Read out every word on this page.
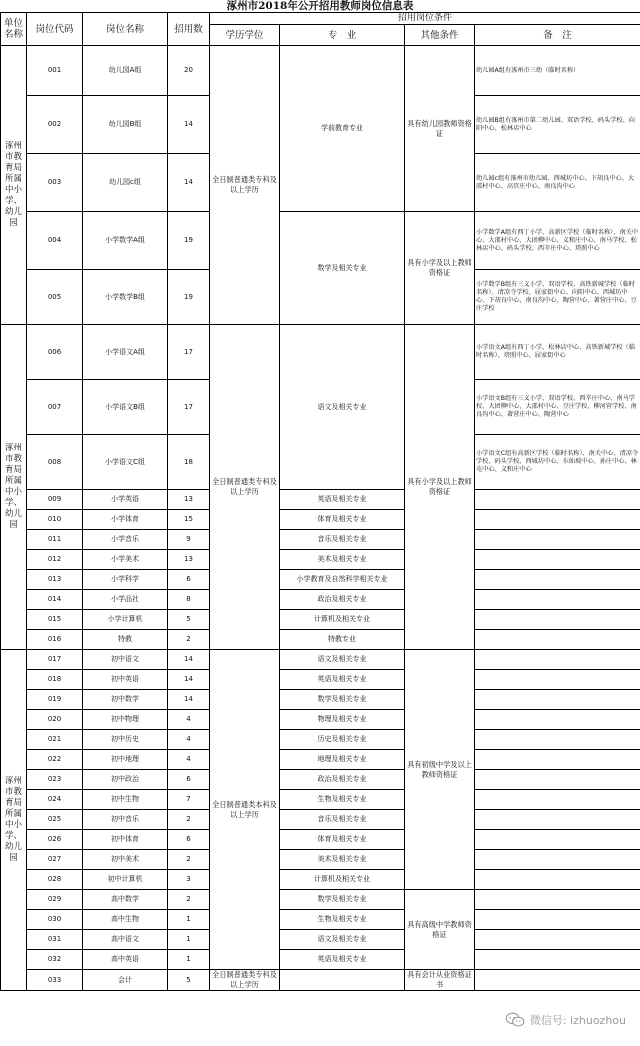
涿州市2018年公开招用教师岗位信息表
单位名称	岗位代码	岗位名称	招用数	招用岗位条件			
				学历学位	专　业	其他条件	备　注
涿州市教育局所属中小学、幼儿园	001	幼儿园A组	20	全日制普通类专科及以上学历	学前教育专业	具有幼儿园教师资格证	幼儿园A组有涿州市三幼（临时名称）
	002	幼儿园B组	14				幼儿园B组有涿州市第二幼儿园、双语学校、码头学校、向阳中心、松林店中心
	003	幼儿园c组	14				幼儿园c组有涿州市幼儿园、西城坊中心、下胡良中心、大邵村中心、高官庄中心、南良沟中心
	004	小学数学A组	19		数学及相关专业	具有小学及以上教师资格证	小学数学A组有西丁小学、高新区学校（临时名称）、南关中心、大邵村中心、大团柳中心、义和庄中心、南马学校、松林店中心、码头学校、西辛庄中心、塔照中心
	005	小学数学B组	19				小学数学B组有三义小学、双语学校、高铁新城学校（临时名称）、清凉寺学校、屈家街中心、向阳中心、西城坊中心、下胡良中心、南良沟中心、陶营中心、著营庄中心、豆庄学校
涿州市教育局所属中小学、幼儿园	006	小学语文A组	17	全日制普通类专科及以上学历	语文及相关专业	具有小学及以上教师资格证	小学语文A组有西丁小学、松林店中心、高铁新城学校（临时名称）、塔照中心、屈家街中心
	007	小学语文B组	17				小学语文B组有三义小学、双语学校、西辛庄中心、南马学校、大团柳中心、大邵村中心、豆庄学校、柳河营学校、南良沟中心、著营庄中心、陶营中心
	008	小学语文C组	18				小学语文C组有高新区学校（临时名称）、南关中心、清凉寺学校、码头学校、西城坊中心、东仙坡中心、孙庄中心、林屯中心、义和庄中心
	009	小学英语	13		英语及相关专业		
	010	小学体育	15		体育及相关专业		
	011	小学音乐	9		音乐及相关专业		
	012	小学美术	13		美术及相关专业		
	013	小学科学	6		小学教育及自然科学相关专业		
	014	小学品社	8		政治及相关专业		
	015	小学计算机	5		计算机及相关专业		
	016	特教	2		特教专业		
涿州市教育局所属中小学、幼儿园	017	初中语文	14	全日制普通类本科及以上学历	语文及相关专业	具有初级中学及以上教师资格证	
	018	初中英语	14		英语及相关专业		
	019	初中数学	14		数学及相关专业		
	020	初中物理	4		物理及相关专业		
	021	初中历史	4		历史及相关专业		
	022	初中地理	4		地理及相关专业		
	023	初中政治	6		政治及相关专业		
	024	初中生物	7		生物及相关专业		
	025	初中音乐	2		音乐及相关专业		
	026	初中体育	6		体育及相关专业		
	027	初中美术	2		美术及相关专业		
	028	初中计算机	3		计算机及相关专业		
	029	高中数学	2		数学及相关专业	具有高级中学教师资格证	
	030	高中生物	1		生物及相关专业		
	031	高中语文	1		语文及相关专业		
	032	高中英语	1		英语及相关专业		
	033	会计	5	全日制普通类专科及以上学历		具有会计从业资格证书	
微信号: izhuozhou
